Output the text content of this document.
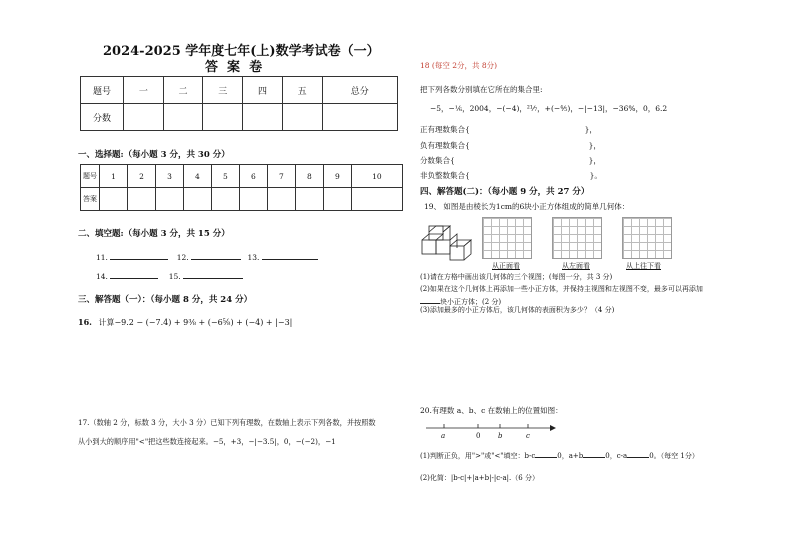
2024-2025 学年度七年(上)数学考试卷（一）
答  案  卷
题号	一	二	三	四	五	总分
分数						
一、选择题:（每小题 3 分，共 30 分）
题号	1	2	3	4	5	6	7	8	9	10
答案										
二、填空题:（每小题 3 分，共 15 分）
11.	12.	13.
14.	15.
三、解答题（一）：（每小题 8 分，共 24 分）
16. 计算−9.2 − (−7.4) + 9⅜ + (−6⅝) + (−4) + |−3|
17.（数轴 2 分，标数 3 分，大小 3 分）已知下列有理数，在数轴上表示下列各数，并按照数
从小到大的顺序用"<"把这些数连接起来。−5，+3，−|−3.5|，0，−(−2)，−1
18 (每空 2分，共 8分)
把下列各数分别填在它所在的集合里:
−5，−⅙，2004，−(−4)，²¹⁄₇，+(−⁴⁄₅)，−|−13|，−36%，0，6.2
正有理数集合{	}，
负有理数集合{	}，
分数集合{	}，
非负整数集合{	}。
四、解答题(二)：（每小题 9 分，共 27 分）
19、 如图是由棱长为1cm的6块小正方体组成的简单几何体：
从正面看	从左面看	从上往下看
(1)请在方格中画出该几何体的三个视图；(每图一分，共 3 分)
(2)如果在这个几何体上再添加一些小正方体，并保持主视图和左视图不变，最多可以再添加
块小正方体；(2 分)
(3)添加最多的小正方体后，该几何体的表面积为多少？（4 分)
20.有理数 a、b、c 在数轴上的位置如图：
a	0	b	c
(1)判断正负，用">"或"<"填空：b-c	0，a+b	0，c-a	0。（每空 1分）
(2)化简：|b-c|+|a+b|-|c-a|.（6 分）
